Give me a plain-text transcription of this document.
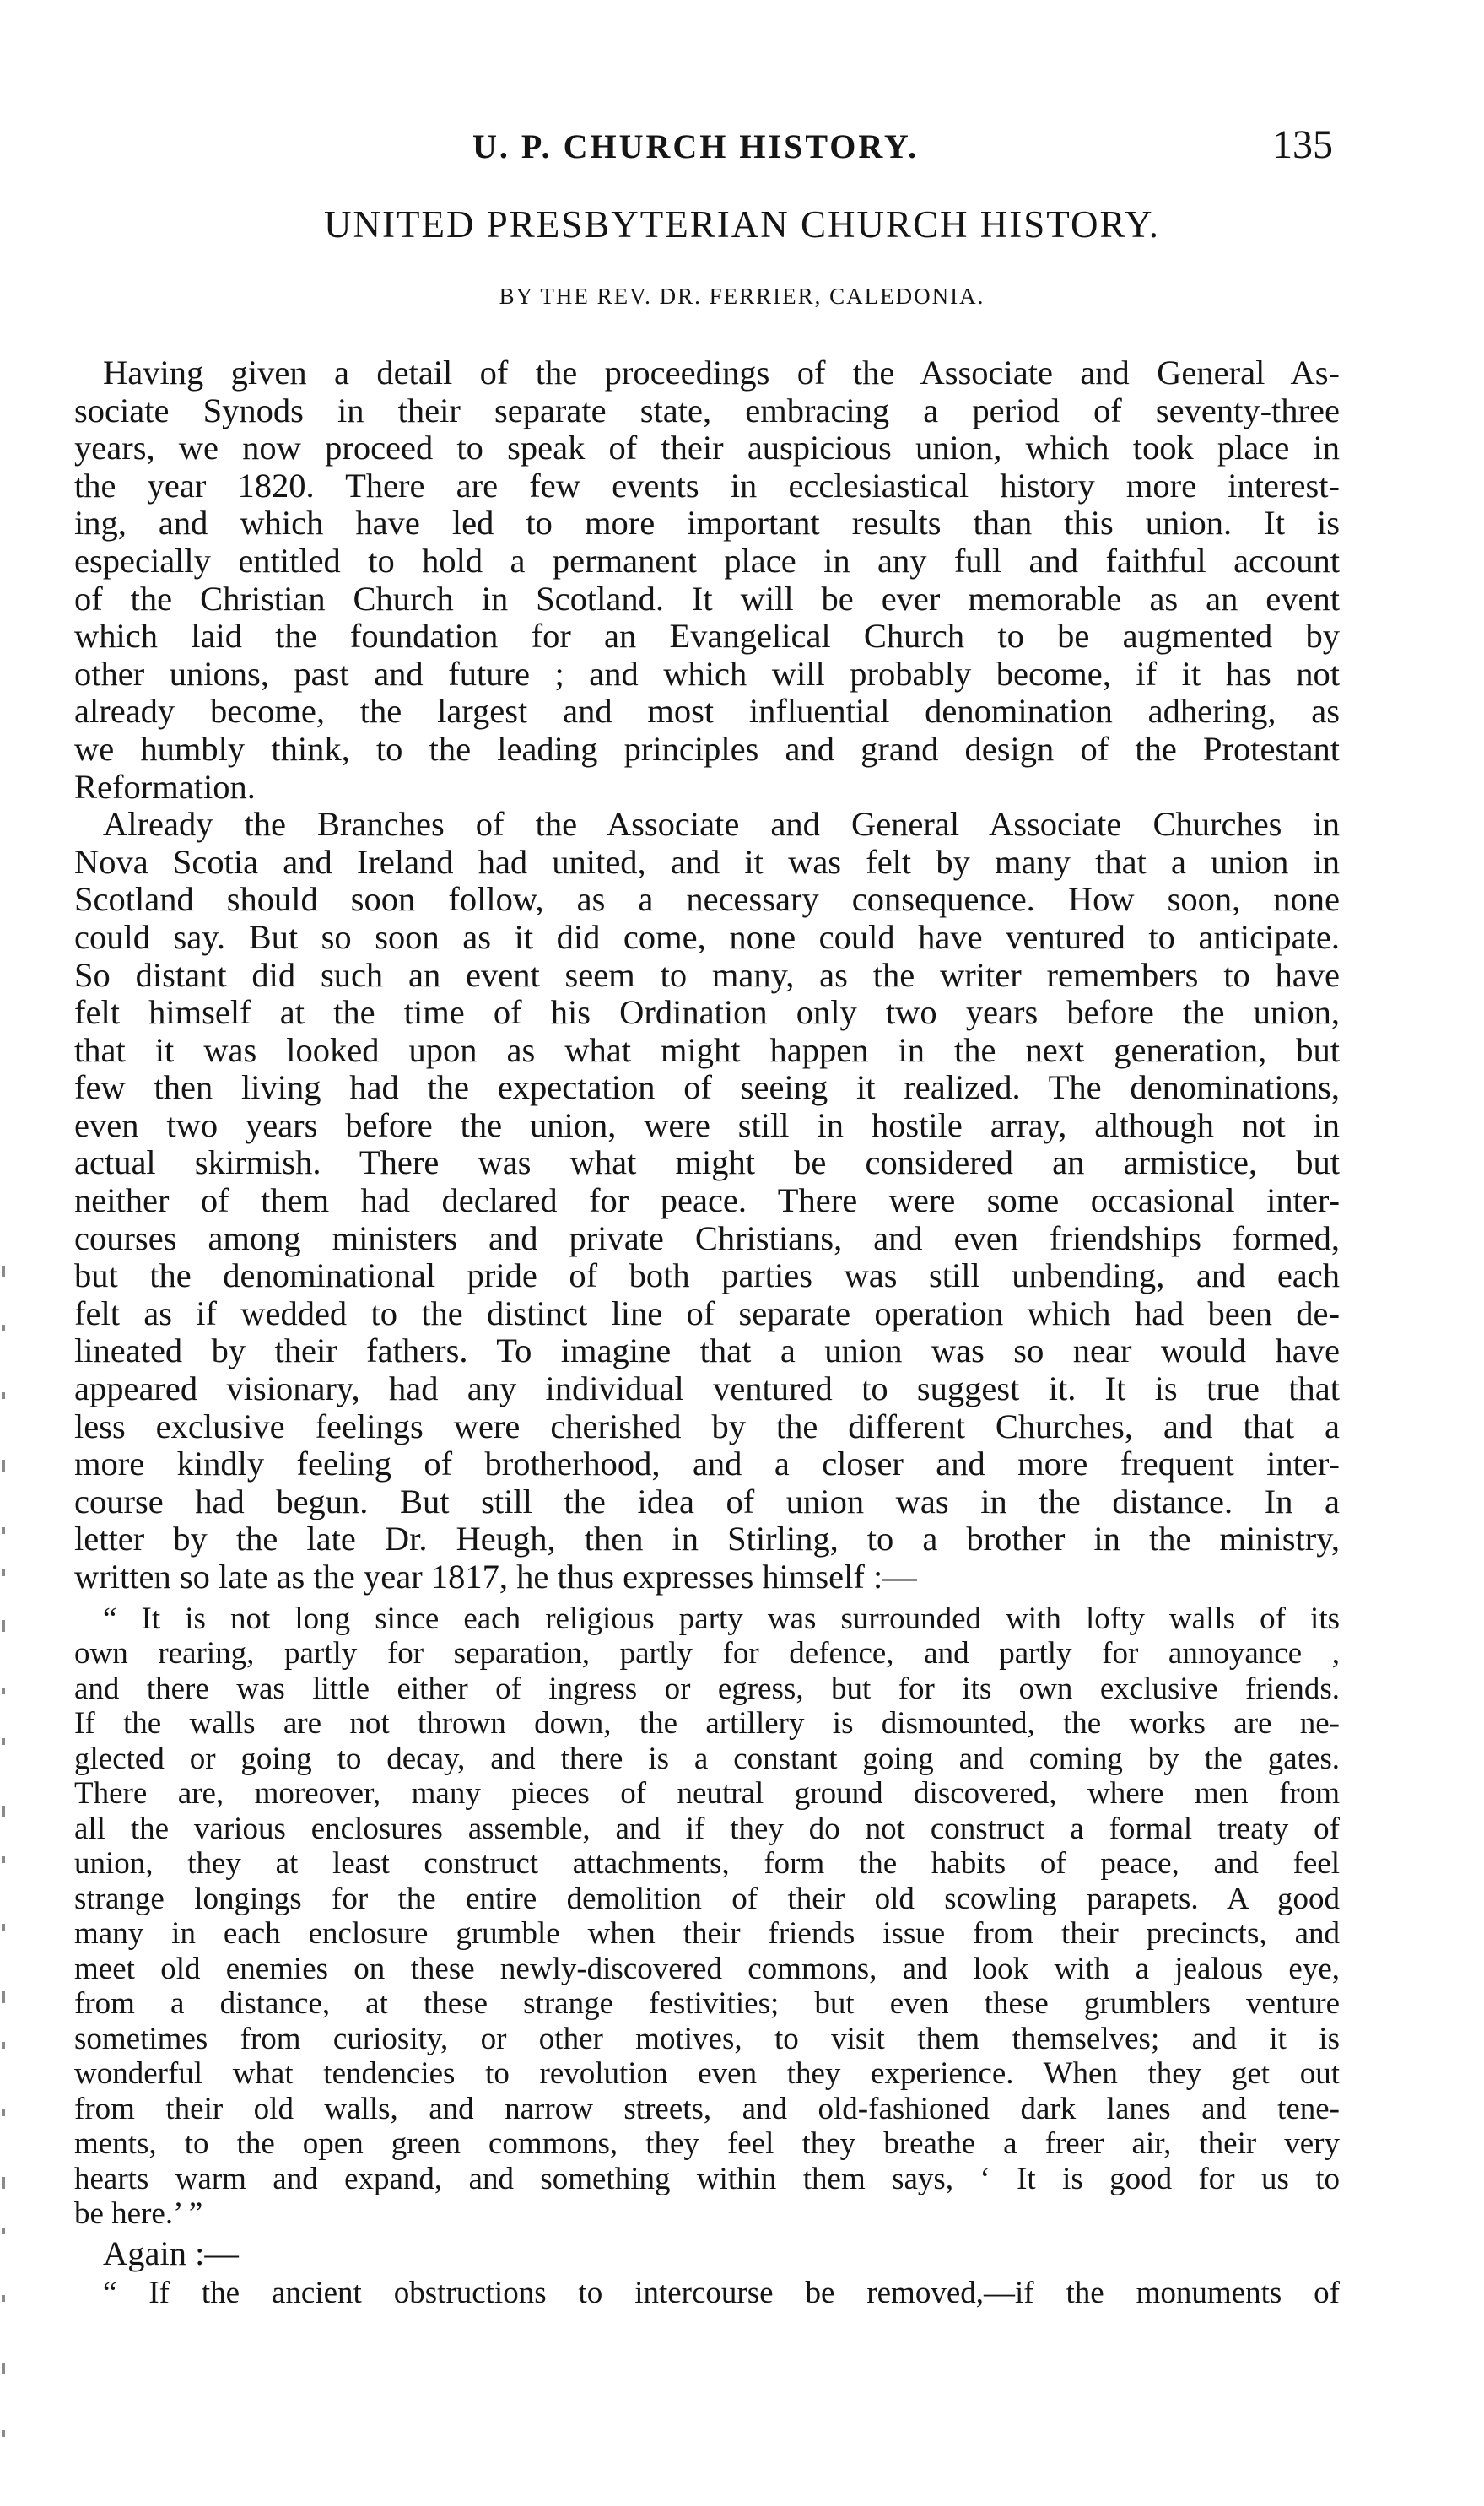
U. P. CHURCH HISTORY.	135
UNITED PRESBYTERIAN CHURCH HISTORY.
BY THE REV. DR. FERRIER, CALEDONIA.
Having given a detail of the proceedings of the Associate and General As-
sociate Synods in their separate state, embracing a period of seventy-three
years, we now proceed to speak of their auspicious union, which took place in
the year 1820. There are few events in ecclesiastical history more interest-
ing, and which have led to more important results than this union. It is
especially entitled to hold a permanent place in any full and faithful account
of the Christian Church in Scotland. It will be ever memorable as an event
which laid the foundation for an Evangelical Church to be augmented by
other unions, past and future ; and which will probably become, if it has not
already become, the largest and most influential denomination adhering, as
we humbly think, to the leading principles and grand design of the Protestant
Reformation.
Already the Branches of the Associate and General Associate Churches in
Nova Scotia and Ireland had united, and it was felt by many that a union in
Scotland should soon follow, as a necessary consequence. How soon, none
could say. But so soon as it did come, none could have ventured to anticipate.
So distant did such an event seem to many, as the writer remembers to have
felt himself at the time of his Ordination only two years before the union,
that it was looked upon as what might happen in the next generation, but
few then living had the expectation of seeing it realized. The denominations,
even two years before the union, were still in hostile array, although not in
actual skirmish. There was what might be considered an armistice, but
neither of them had declared for peace. There were some occasional inter-
courses among ministers and private Christians, and even friendships formed,
but the denominational pride of both parties was still unbending, and each
felt as if wedded to the distinct line of separate operation which had been de-
lineated by their fathers. To imagine that a union was so near would have
appeared visionary, had any individual ventured to suggest it. It is true that
less exclusive feelings were cherished by the different Churches, and that a
more kindly feeling of brotherhood, and a closer and more frequent inter-
course had begun. But still the idea of union was in the distance. In a
letter by the late Dr. Heugh, then in Stirling, to a brother in the ministry,
written so late as the year 1817, he thus expresses himself :—
“ It is not long since each religious party was surrounded with lofty walls of its
own rearing, partly for separation, partly for defence, and partly for annoyance ,
and there was little either of ingress or egress, but for its own exclusive friends.
If the walls are not thrown down, the artillery is dismounted, the works are ne-
glected or going to decay, and there is a constant going and coming by the gates.
There are, moreover, many pieces of neutral ground discovered, where men from
all the various enclosures assemble, and if they do not construct a formal treaty of
union, they at least construct attachments, form the habits of peace, and feel
strange longings for the entire demolition of their old scowling parapets. A good
many in each enclosure grumble when their friends issue from their precincts, and
meet old enemies on these newly-discovered commons, and look with a jealous eye,
from a distance, at these strange festivities; but even these grumblers venture
sometimes from curiosity, or other motives, to visit them themselves; and it is
wonderful what tendencies to revolution even they experience. When they get out
from their old walls, and narrow streets, and old-fashioned dark lanes and tene-
ments, to the open green commons, they feel they breathe a freer air, their very
hearts warm and expand, and something within them says, ‘ It is good for us to
be here.’ ”
Again :—
“ If the ancient obstructions to intercourse be removed,—if the monuments of
